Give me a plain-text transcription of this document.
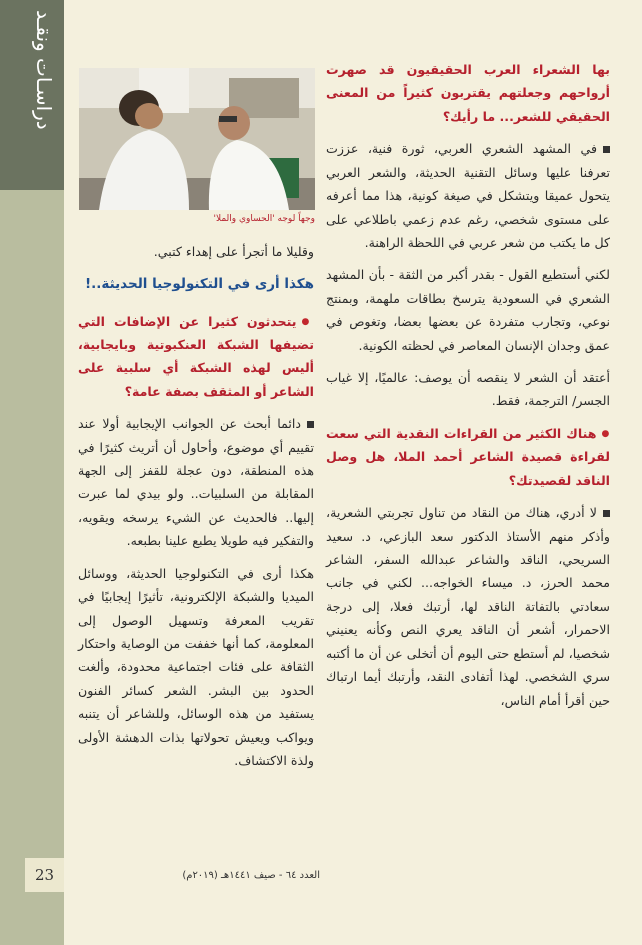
دراسـات ونقـد
23
وجهاً لوجه 'الحساوي والملا'

بها الشعراء العرب الحقيقيون قد صهرت أرواحهم وجعلتهم يقتربون كثيراً من المعنى الحقيقي للشعر... ما رأيك؟

في المشهد الشعري العربي، ثورة فنية، عززت تعرفنا عليها وسائل التقنية الحديثة، والشعر العربي يتحول عميقا ويتشكل في صيغة كونية، هذا مما أعرفه على مستوى شخصي، رغم عدم زعمي باطلاعي على كل ما يكتب من شعر عربي في اللحظة الراهنة.

لكني أستطيع القول - بقدر أكبر من الثقة - بأن المشهد الشعري في السعودية يترسخ بطاقات ملهمة، وبمنتج نوعي، وتجارب متفردة عن بعضها بعضا، وتغوص في عمق وجدان الإنسان المعاصر في لحظته الكونية.

أعتقد أن الشعر لا ينقصه أن يوصف: عالميًا، إلا غياب الجسر/ الترجمة، فقط.

●هناك الكثير من القراءات النقدية التي سعت لقراءة قصيدة الشاعر أحمد الملا، هل وصل الناقد لقصيدتك؟

لا أدري، هناك من النقاد من تناول تجربتي الشعرية، وأذكر منهم الأستاذ الدكتور سعد البازعي، د. سعيد السريحي، الناقد والشاعر عبدالله السفر، الشاعر محمد الحرز، د. ميساء الخواجه... لكني في جانب سعادتي بالتفاتة الناقد لها، أرتبك فعلا، إلى درجة الاحمرار، أشعر أن الناقد يعري النص وكأنه يعنيني شخصيا، لم أستطع حتى اليوم أن أتخلى عن أن ما أكتبه سري الشخصي. لهذا أتفادى النقد، وأرتبك أيما ارتباك حين أقرأ أمام الناس،

وقليلا ما أتجرأ على إهداء كتبي.

هكذا أرى في التكنولوجيا الحديثة..!

●يتحدثون كثيرا عن الإضافات التي تضيفها الشبكة العنكبوتية وبايجابية، أليس لهذه الشبكة أي سلبية على الشاعر أو المثقف بصفة عامة؟

دائما أبحث عن الجوانب الإيجابية أولا عند تقييم أي موضوع، وأحاول أن أتريث كثيرًا في هذه المنطقة، دون عجلة للقفز إلى الجهة المقابلة من السلبيات.. ولو بيدي لما عبرت إليها.. فالحديث عن الشيء يرسخه ويقويه، والتفكير فيه طويلا يطبع علينا بطبعه.

هكذا أرى في التكنولوجيا الحديثة، ووسائل الميديا والشبكة الإلكترونية، تأثيرًا إيجابيًا في تقريب المعرفة وتسهيل الوصول إلى المعلومة، كما أنها خففت من الوصاية واحتكار الثقافة على فئات اجتماعية محدودة، وألغت الحدود بين البشر. الشعر كسائر الفنون يستفيد من هذه الوسائل، وللشاعر أن يتنبه ويواكب ويعيش تحولاتها بذات الدهشة الأولى ولذة الاكتشاف.

العدد ٦٤ - صيف ١٤٤١هـ (٢٠١٩م)
